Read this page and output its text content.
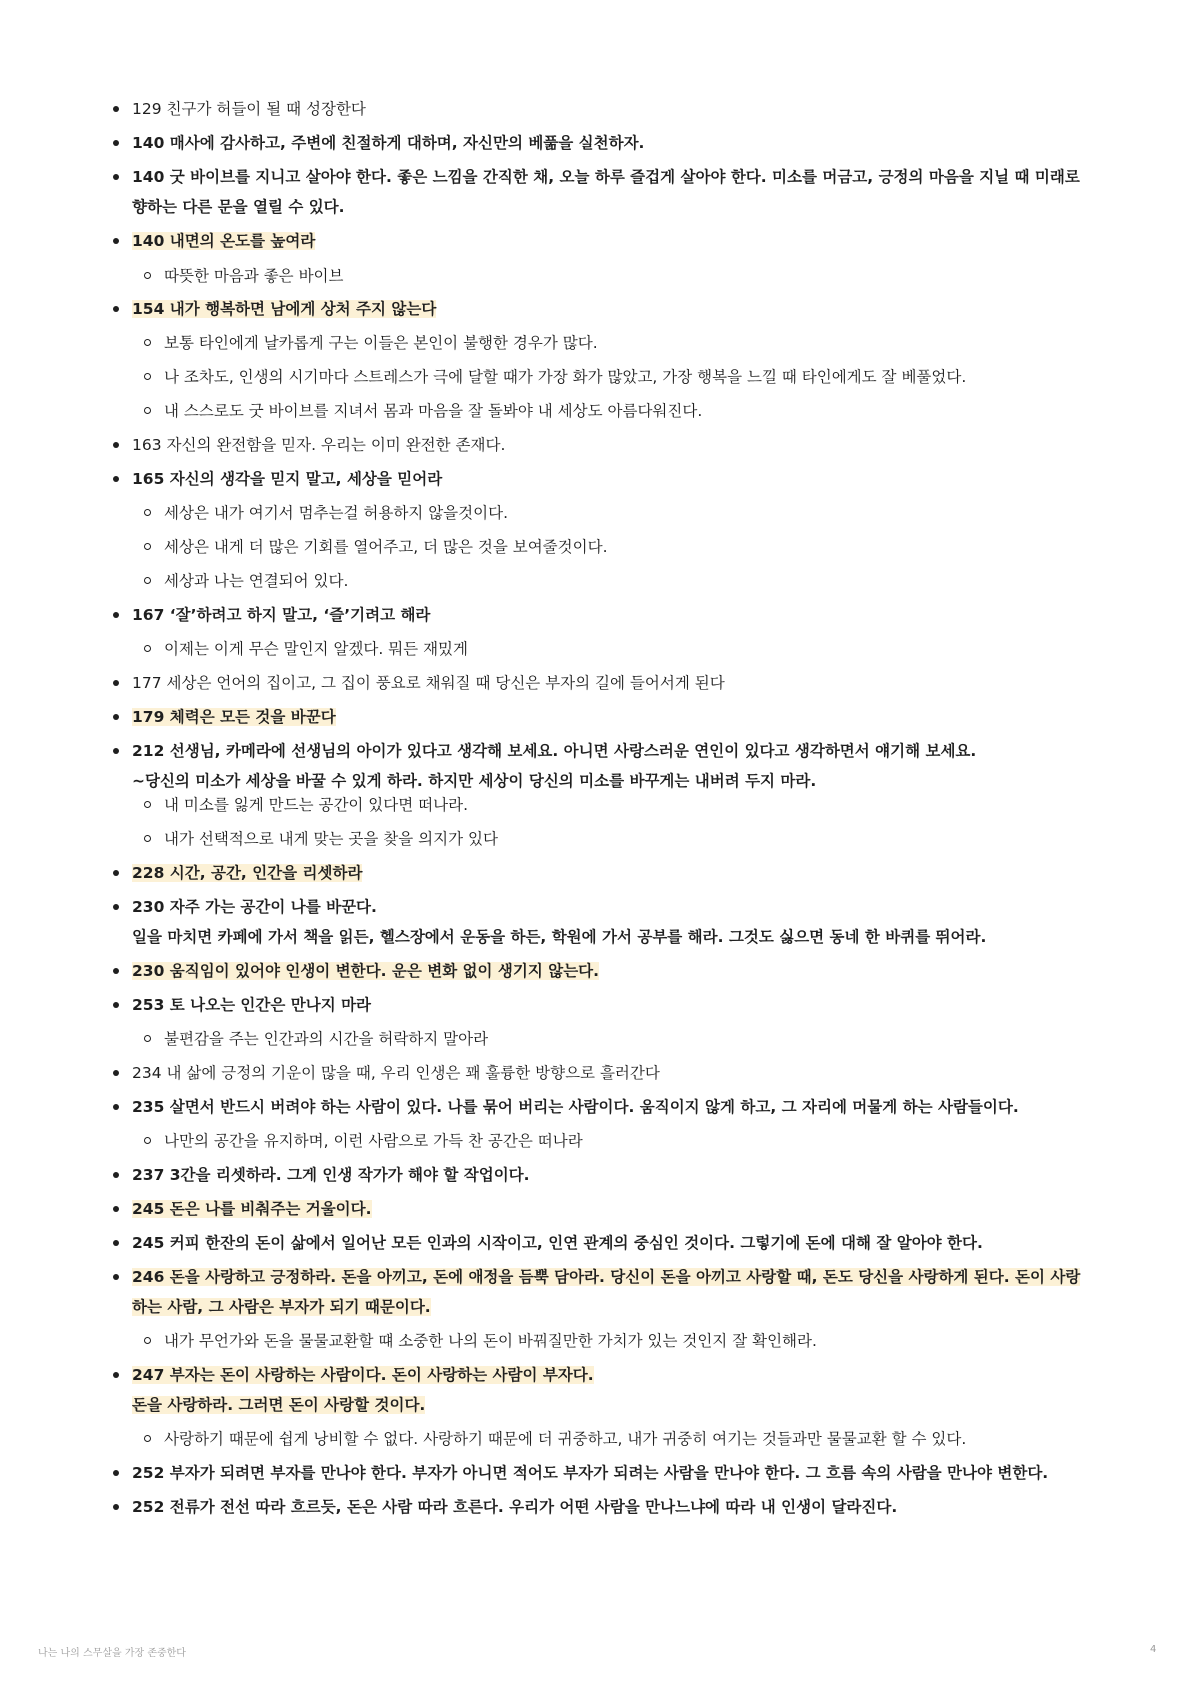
129 친구가 허들이 될 때 성장한다
140 매사에 감사하고, 주변에 친절하게 대하며, 자신만의 베풂을 실천하자.
140 굿 바이브를 지니고 살아야 한다. 좋은 느낌을 간직한 채, 오늘 하루 즐겁게 살아야 한다. 미소를 머금고, 긍정의 마음을 지닐 때 미래로
향하는 다른 문을 열릴 수 있다.
140 내면의 온도를 높여라
따뜻한 마음과 좋은 바이브
154 내가 행복하면 남에게 상처 주지 않는다
보통 타인에게 날카롭게 구는 이들은 본인이 불행한 경우가 많다.
나 조차도, 인생의 시기마다 스트레스가 극에 달할 때가 가장 화가 많았고, 가장 행복을 느낄 때 타인에게도 잘 베풀었다.
내 스스로도 굿 바이브를 지녀서 몸과 마음을 잘 돌봐야 내 세상도 아름다워진다.
163 자신의 완전함을 믿자. 우리는 이미 완전한 존재다.
165 자신의 생각을 믿지 말고, 세상을 믿어라
세상은 내가 여기서 멈추는걸 허용하지 않을것이다.
세상은 내게 더 많은 기회를 열어주고, 더 많은 것을 보여줄것이다.
세상과 나는 연결되어 있다.
167 ‘잘’하려고 하지 말고, ‘즐’기려고 해라
이제는 이게 무슨 말인지 알겠다. 뭐든 재밌게
177 세상은 언어의 집이고, 그 집이 풍요로 채워질 때 당신은 부자의 길에 들어서게 된다
179 체력은 모든 것을 바꾼다
212 선생님, 카메라에 선생님의 아이가 있다고 생각해 보세요. 아니면 사랑스러운 연인이 있다고 생각하면서 얘기해 보세요.
~당신의 미소가 세상을 바꿀 수 있게 하라. 하지만 세상이 당신의 미소를 바꾸게는 내버려 두지 마라.
내 미소를 잃게 만드는 공간이 있다면 떠나라.
내가 선택적으로 내게 맞는 곳을 찾을 의지가 있다
228 시간, 공간, 인간을 리셋하라
230 자주 가는 공간이 나를 바꾼다.
일을 마치면 카페에 가서 책을 읽든, 헬스장에서 운동을 하든, 학원에 가서 공부를 해라. 그것도 싫으면 동네 한 바퀴를 뛰어라.
230 움직임이 있어야 인생이 변한다. 운은 변화 없이 생기지 않는다.
253 토 나오는 인간은 만나지 마라
불편감을 주는 인간과의 시간을 허락하지 말아라
234 내 삶에 긍정의 기운이 많을 때, 우리 인생은 꽤 훌륭한 방향으로 흘러간다
235 살면서 반드시 버려야 하는 사람이 있다. 나를 묶어 버리는 사람이다. 움직이지 않게 하고, 그 자리에 머물게 하는 사람들이다.
나만의 공간을 유지하며, 이런 사람으로 가득 찬 공간은 떠나라
237 3간을 리셋하라. 그게 인생 작가가 해야 할 작업이다.
245 돈은 나를 비춰주는 거울이다.
245 커피 한잔의 돈이 삶에서 일어난 모든 인과의 시작이고, 인연 관계의 중심인 것이다. 그렇기에 돈에 대해 잘 알아야 한다.
246 돈을 사랑하고 긍정하라. 돈을 아끼고, 돈에 애정을 듬뿍 담아라. 당신이 돈을 아끼고 사랑할 때, 돈도 당신을 사랑하게 된다. 돈이 사랑
하는 사람, 그 사람은 부자가 되기 때문이다.
내가 무언가와 돈을 물물교환할 떄 소중한 나의 돈이 바꿔질만한 가치가 있는 것인지 잘 확인해라.
247 부자는 돈이 사랑하는 사람이다. 돈이 사랑하는 사람이 부자다.
돈을 사랑하라. 그러면 돈이 사랑할 것이다.
사랑하기 때문에 쉽게 낭비할 수 없다. 사랑하기 때문에 더 귀중하고, 내가 귀중히 여기는 것들과만 물물교환 할 수 있다.
252 부자가 되려면 부자를 만나야 한다. 부자가 아니면 적어도 부자가 되려는 사람을 만나야 한다. 그 흐름 속의 사람을 만나야 변한다.
252 전류가 전선 따라 흐르듯, 돈은 사람 따라 흐른다. 우리가 어떤 사람을 만나느냐에 따라 내 인생이 달라진다.
나는 나의 스무살을 가장 존중한다	4
